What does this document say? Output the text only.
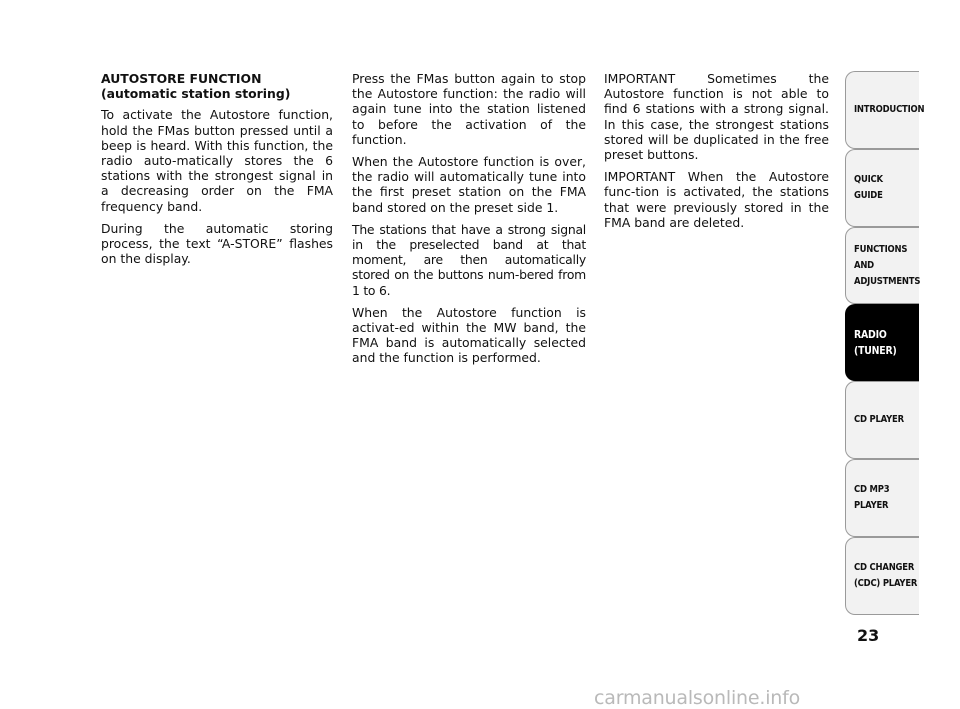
AUTOSTORE FUNCTION
(automatic station storing)

To activate the Autostore function, hold the FMas button pressed until a beep is heard. With this function, the radio auto-matically stores the 6 stations with the strongest signal in a decreasing order on the FMA frequency band.

During the automatic storing process, the text “A-STORE” flashes on the display.

Press the FMas button again to stop the Autostore function: the radio will again tune into the station listened to before the activation of the function.

When the Autostore function is over, the radio will automatically tune into the first preset station on the FMA band stored on the preset side 1.

The stations that have a strong signal in the preselected band at that moment, are then automatically stored on the buttons num-bered from 1 to 6.

When the Autostore function is activat-ed within the MW band, the FMA band is automatically selected and the function is performed.

IMPORTANT Sometimes the Autostore function is not able to find 6 stations with a strong signal. In this case, the strongest stations stored will be duplicated in the free preset buttons.

IMPORTANT When the Autostore func-tion is activated, the stations that were previously stored in the FMA band are deleted.

INTRODUCTION
QUICK
GUIDE
FUNCTIONS
AND
ADJUSTMENTS
RADIO
(TUNER)
CD PLAYER
CD MP3
PLAYER
CD CHANGER
(CDC) PLAYER
23
carmanualsonline.info
